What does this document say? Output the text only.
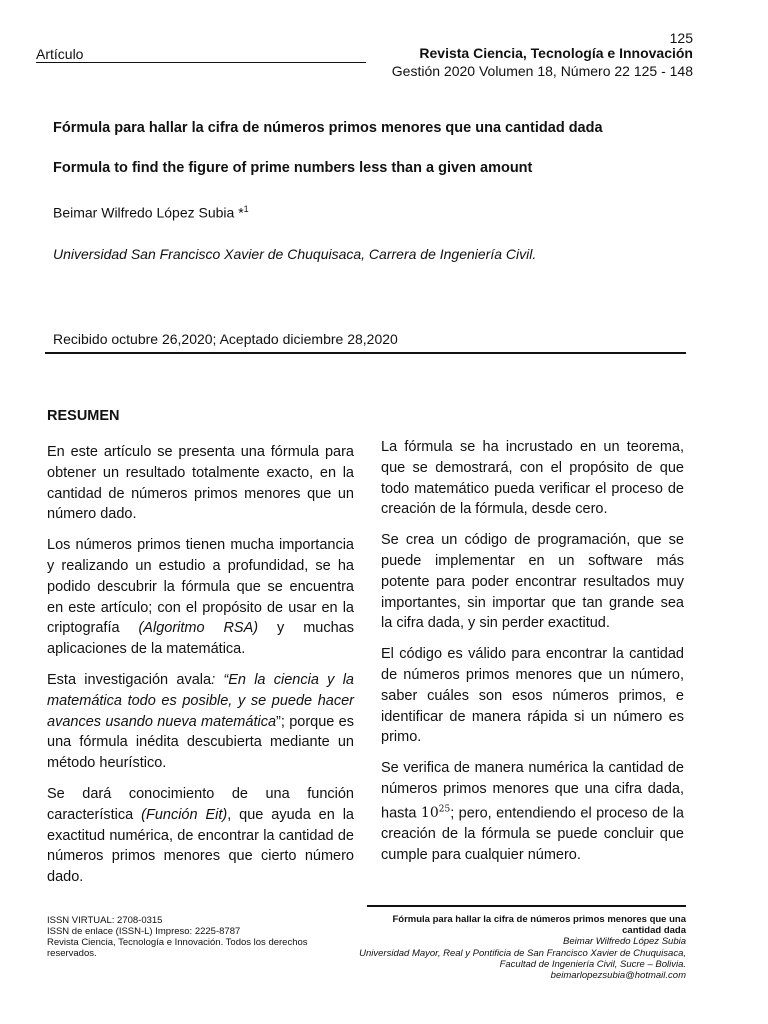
125
Artículo	Revista Ciencia, Tecnología e Innovación
Gestión 2020 Volumen 18, Número 22 125 - 148
Fórmula para hallar la cifra de números primos menores que una cantidad dada
Formula to find the figure of prime numbers less than a given amount
Beimar Wilfredo López Subia *$^1$
Universidad San Francisco Xavier de Chuquisaca, Carrera de Ingeniería Civil.
Recibido octubre 26,2020; Aceptado diciembre 28,2020
RESUMEN

En este artículo se presenta una fórmula para obtener un resultado totalmente exacto, en la cantidad de números primos menores que un número dado.

Los números primos tienen mucha importancia y realizando un estudio a profundidad, se ha podido descubrir la fórmula que se encuentra en este artículo; con el propósito de usar en la criptografía (Algoritmo RSA) y muchas aplicaciones de la matemática.

Esta investigación avala: “En la ciencia y la matemática todo es posible, y se puede hacer avances usando nueva matemática”; porque es una fórmula inédita descubierta mediante un método heurístico.

Se dará conocimiento de una función característica (Función Eit), que ayuda en la exactitud numérica, de encontrar la cantidad de números primos menores que cierto número dado.

La fórmula se ha incrustado en un teorema, que se demostrará, con el propósito de que todo matemático pueda verificar el proceso de creación de la fórmula, desde cero.

Se crea un código de programación, que se puede implementar en un software más potente para poder encontrar resultados muy importantes, sin importar que tan grande sea la cifra dada, y sin perder exactitud.

El código es válido para encontrar la cantidad de números primos menores que un número, saber cuáles son esos números primos, e identificar de manera rápida si un número es primo.

Se verifica de manera numérica la cantidad de números primos menores que una cifra dada, hasta $10^{25}$; pero, entendiendo el proceso de la creación de la fórmula se puede concluir que cumple para cualquier número.

ISSN VIRTUAL: 2708-0315
ISSN de enlace (ISSN-L) Impreso: 2225-8787
Revista Ciencia, Tecnología e Innovación. Todos los derechos reservados.
Fórmula para hallar la cifra de números primos menores que una cantidad dada
Beimar Wilfredo López Subia
Universidad Mayor, Real y Pontificia de San Francisco Xavier de Chuquisaca, Facultad de Ingeniería Civil, Sucre – Bolivia.
beimarlopezsubia@hotmail.com
